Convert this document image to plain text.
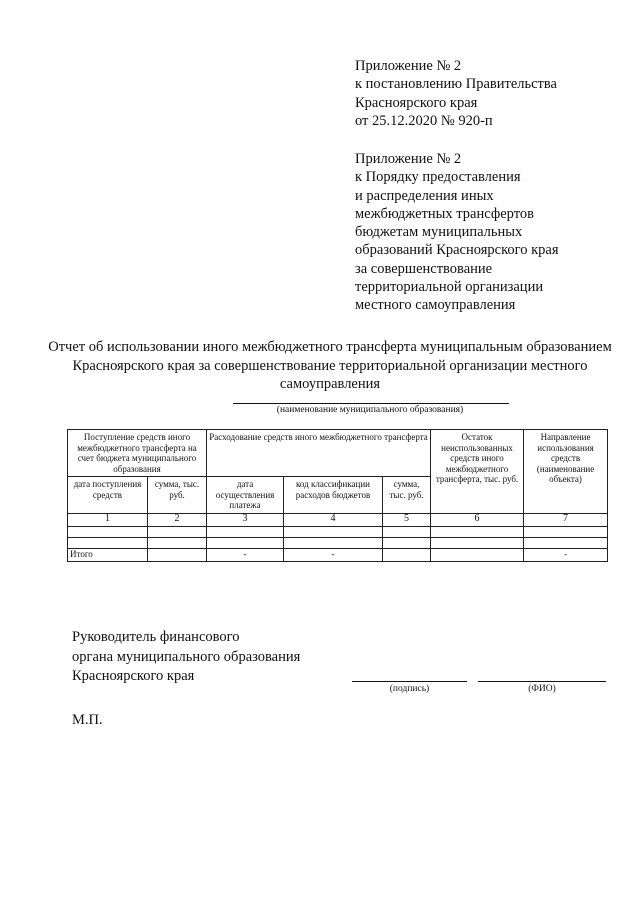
Приложение № 2
к постановлению Правительства
Красноярского края
от 25.12.2020 № 920-п
Приложение № 2
к Порядку предоставления
и распределения иных
межбюджетных трансфертов
бюджетам муниципальных
образований Красноярского края
за совершенствование
территориальной организации
местного самоуправления
Отчет об использовании иного межбюджетного трансферта муниципальным образованием Красноярского края за совершенствование территориальной организации местного самоуправления
(наименование муниципального образования)
Поступление средств иного межбюджетного трансферта на счет бюджета муниципального образования		Расходование средств иного межбюджетного трансферта			Остаток неиспользованных средств иного межбюджетного трансферта, тыс. руб.	Направление использования средств (наименование объекта)
дата поступления средств	сумма, тыс. руб.	дата осуществления платежа	код классификации расходов бюджетов	сумма, тыс. руб.		
1	2	3	4	5	6	7

Итого		-	-			-
Руководитель финансового
органа муниципального образования
Красноярского края
(подпись)	(ФИО)
М.П.
